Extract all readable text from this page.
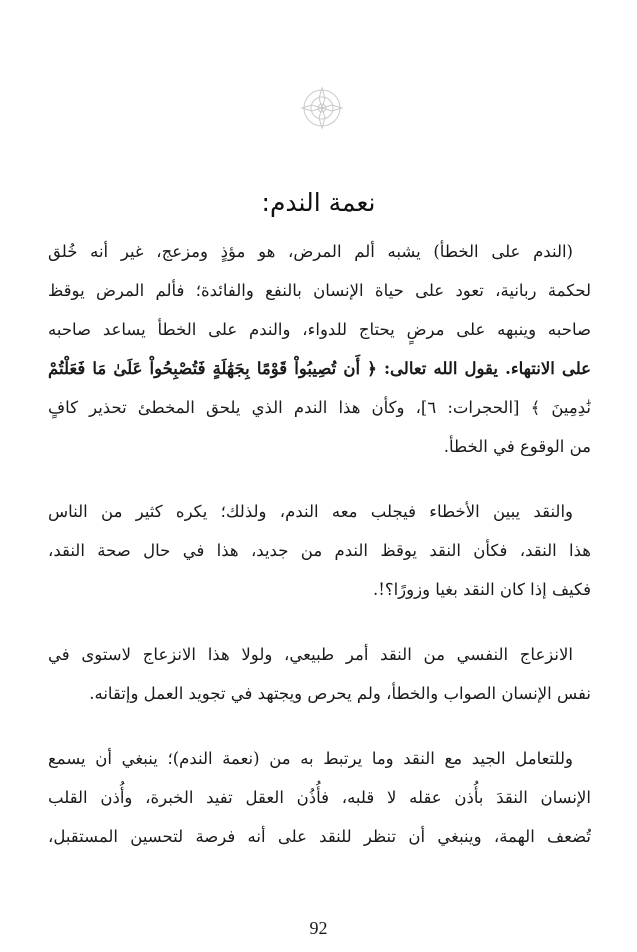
نعمة الندم:
(الندم على الخطأ) يشبه ألم المرض، هو مؤذٍ ومزعج، غير أنه خُلق
لحكمة ربانية، تعود على حياة الإنسان بالنفع والفائدة؛ فألم المرض يوقظ
صاحبه وينبهه على مرضٍ يحتاج للدواء، والندم على الخطأ يساعد صاحبه
على الانتهاء. يقول الله تعالى: ﴿ أَن تُصِيبُواْ قَوْمًا بِجَهَٰلَةٍ فَتُصْبِحُواْ عَلَىٰ مَا فَعَلْتُمْ
نَٰدِمِينَ ﴾ [الحجرات: ٦]، وكأن هذا الندم الذي يلحق المخطئ تحذير كافٍ
من الوقوع في الخطأ.
والنقد يبين الأخطاء فيجلب معه الندم، ولذلك؛ يكره كثير من الناس
هذا النقد، فكأن النقد يوقظ الندم من جديد، هذا في حال صحة النقد،
فكيف إذا كان النقد بغيا وزورًا؟!.
الانزعاج النفسي من النقد أمر طبيعي، ولولا هذا الانزعاج لاستوى في
نفس الإنسان الصواب والخطأ، ولم يحرص ويجتهد في تجويد العمل وإتقانه.
وللتعامل الجيد مع النقد وما يرتبط به من (نعمة الندم)؛ ينبغي أن يسمع
الإنسان النقدَ بأُذن عقله لا قلبه، فأُذُن العقل تفيد الخبرة، وأُذن القلب
تُضعف الهمة، وينبغي أن تنظر للنقد على أنه فرصة لتحسين المستقبل،
92
